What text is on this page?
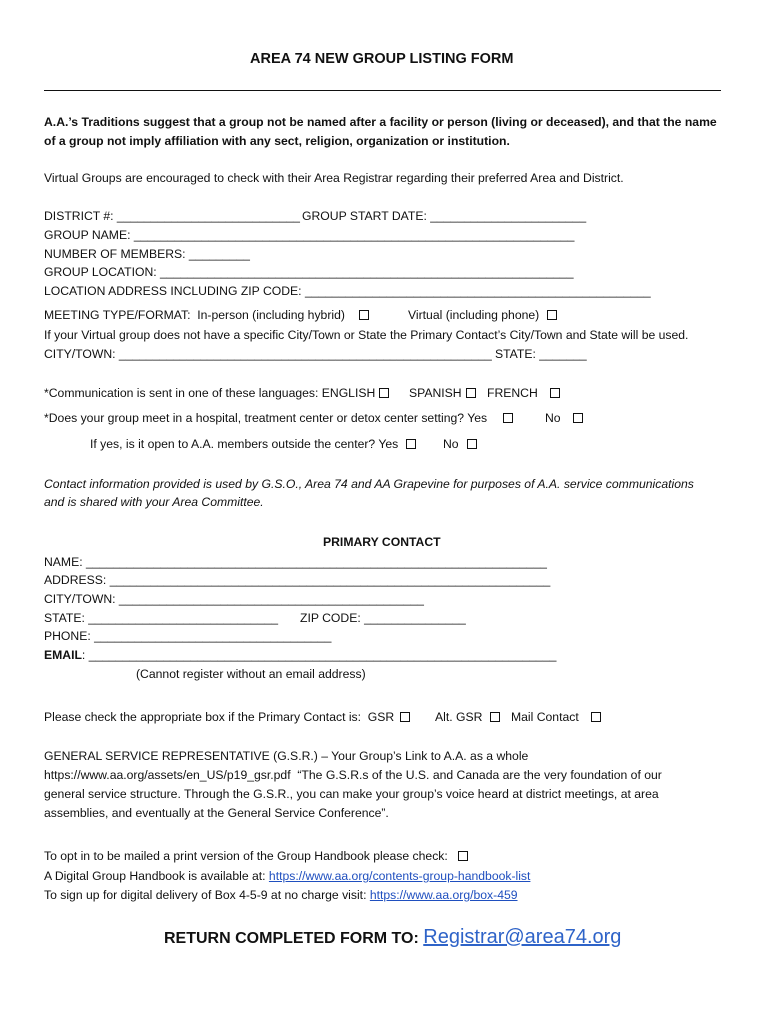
AREA 74 NEW GROUP LISTING FORM
A.A.’s Traditions suggest that a group not be named after a facility or person (living or deceased), and that the name
of a group not imply affiliation with any sect, religion, organization or institution.
Virtual Groups are encouraged to check with their Area Registrar regarding their preferred Area and District.
DISTRICT #: ___________________________ GROUP START DATE: _______________________
GROUP NAME: _________________________________________________________________
NUMBER OF MEMBERS: _________
GROUP LOCATION: _____________________________________________________________
LOCATION ADDRESS INCLUDING ZIP CODE: ___________________________________________________
MEETING TYPE/FORMAT:  In-person (including hybrid)	Virtual (including phone)
If your Virtual group does not have a specific City/Town or State the Primary Contact’s City/Town and State will be used.
CITY/TOWN: _______________________________________________________ STATE: _______
*Communication is sent in one of these languages: ENGLISH	SPANISH	FRENCH
*Does your group meet in a hospital, treatment center or detox center setting? Yes	No
If yes, is it open to A.A. members outside the center? Yes	No
Contact information provided is used by G.S.O., Area 74 and AA Grapevine for purposes of A.A. service communications
and is shared with your Area Committee.
PRIMARY CONTACT
NAME: ____________________________________________________________________
ADDRESS: _________________________________________________________________
CITY/TOWN: _____________________________________________
STATE: ____________________________ ZIP CODE: _______________
PHONE: ___________________________________
EMAIL: _____________________________________________________________________
(Cannot register without an email address)
Please check the appropriate box if the Primary Contact is:  GSR	Alt. GSR	Mail Contact
GENERAL SERVICE REPRESENTATIVE (G.S.R.) – Your Group’s Link to A.A. as a whole
https://www.aa.org/assets/en_US/p19_gsr.pdf  “The G.S.R.s of the U.S. and Canada are the very foundation of our
general service structure. Through the G.S.R., you can make your group’s voice heard at district meetings, at area
assemblies, and eventually at the General Service Conference”.
To opt in to be mailed a print version of the Group Handbook please check:
A Digital Group Handbook is available at: https://www.aa.org/contents-group-handbook-list
To sign up for digital delivery of Box 4-5-9 at no charge visit: https://www.aa.org/box-459
RETURN COMPLETED FORM TO: Registrar@area74.org
